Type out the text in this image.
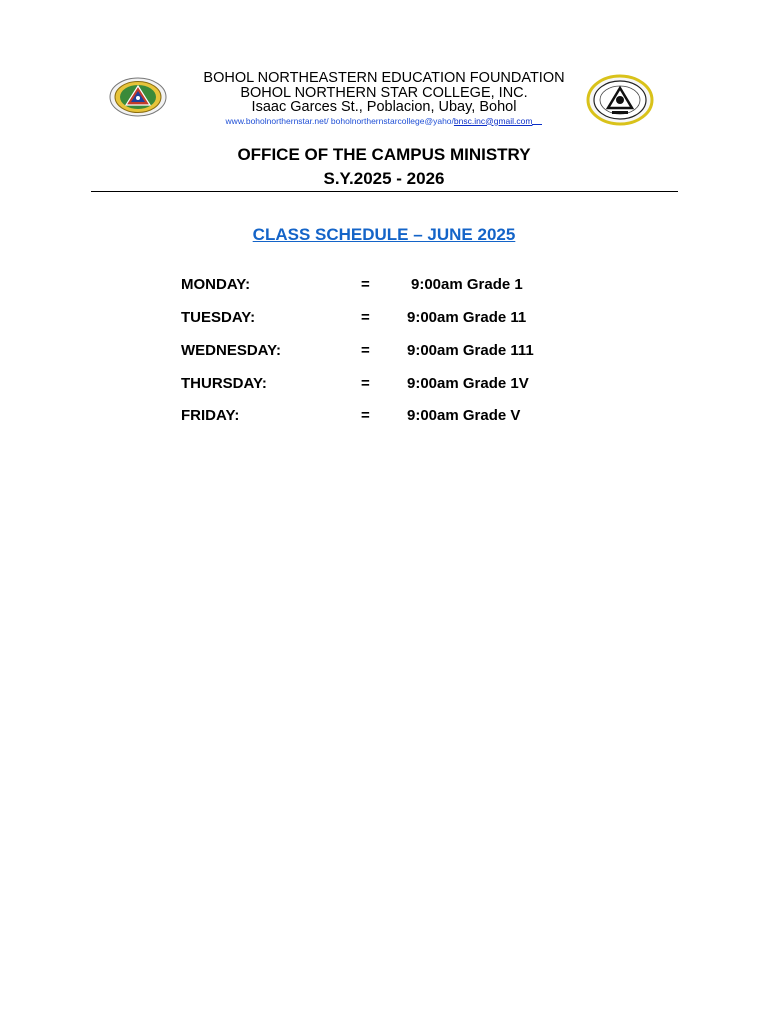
BOHOL NORTHEASTERN EDUCATION FOUNDATION
BOHOL NORTHERN STAR COLLEGE, INC.
Isaac Garces St., Poblacion, Ubay, Bohol
www.boholnorthernstar.net/ boholnorthernstarcollege@yaho/bnsc.inc@gmail.com
OFFICE OF THE CAMPUS MINISTRY
S.Y.2025 - 2026
CLASS SCHEDULE – JUNE 2025
MONDAY:	=	9:00am Grade 1
TUESDAY:	= 9:00am Grade 11
WEDNESDAY:	= 9:00am Grade 111
THURSDAY:	= 9:00am Grade 1V
FRIDAY:	= 9:00am Grade V
